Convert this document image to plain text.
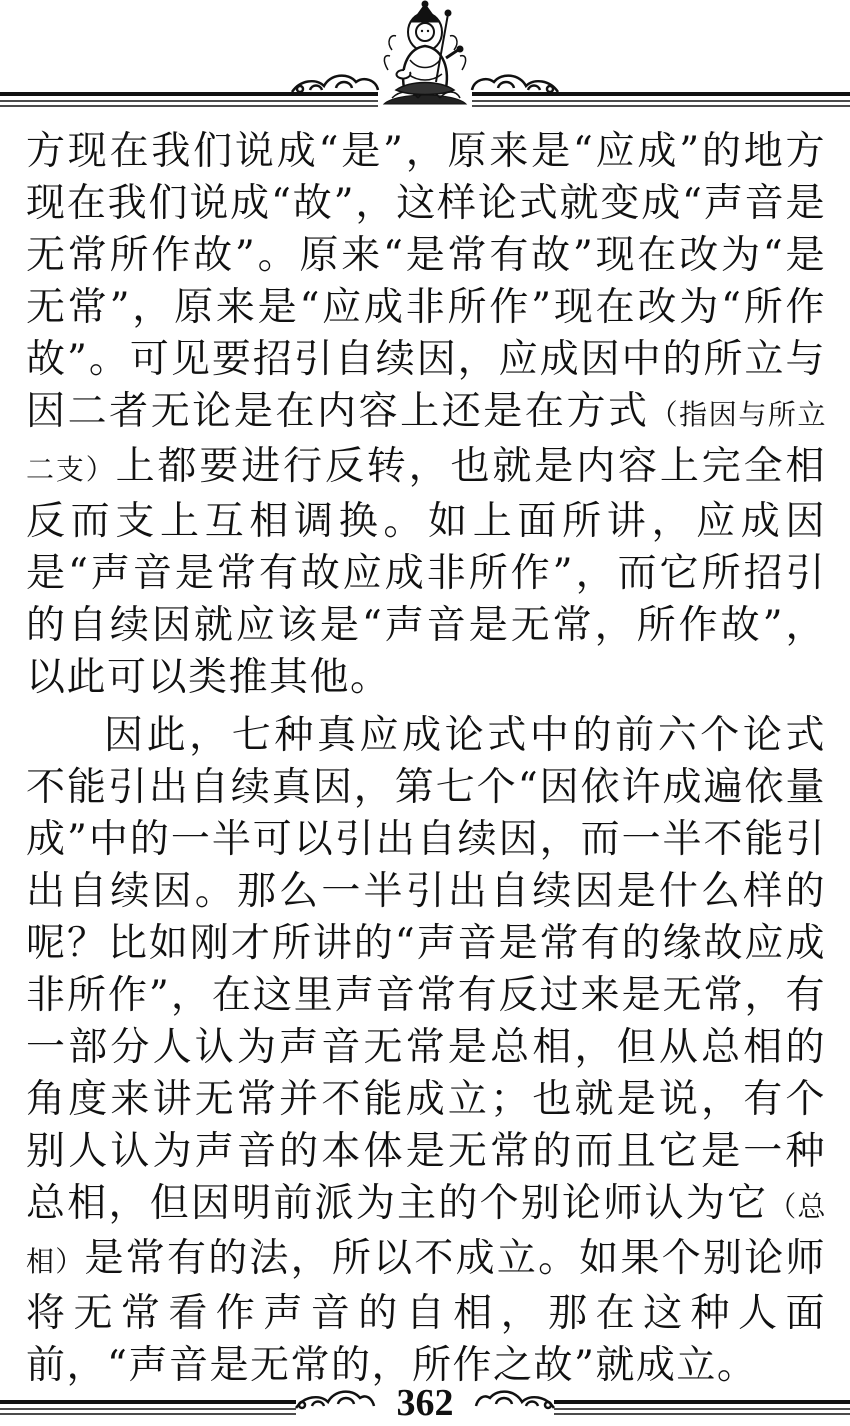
方现在我们说成“是”，原来是“应成”的地方现在我们说成“故”，这样论式就变成“声音是无常所作故”。原来“是常有故”现在改为“是无常”，原来是“应成非所作”现在改为“所作故”。可见要招引自续因，应成因中的所立与因二者无论是在内容上还是在方式（指因与所立二支）上都要进行反转，也就是内容上完全相反而支上互相调换。如上面所讲，应成因是“声音是常有故应成非所作”，而它所招引的自续因就应该是“声音是无常，所作故”，以此可以类推其他。

因此，七种真应成论式中的前六个论式不能引出自续真因，第七个“因依许成遍依量成”中的一半可以引出自续因，而一半不能引出自续因。那么一半引出自续因是什么样的呢？比如刚才所讲的“声音是常有的缘故应成非所作”，在这里声音常有反过来是无常，有一部分人认为声音无常是总相，但从总相的角度来讲无常并不能成立；也就是说，有个别人认为声音的本体是无常的而且它是一种总相，但因明前派为主的个别论师认为它（总相）是常有的法，所以不成立。如果个别论师将无常看作声音的自相，那在这种人面前，“声音是无常的，所作之故”就成立。

362
